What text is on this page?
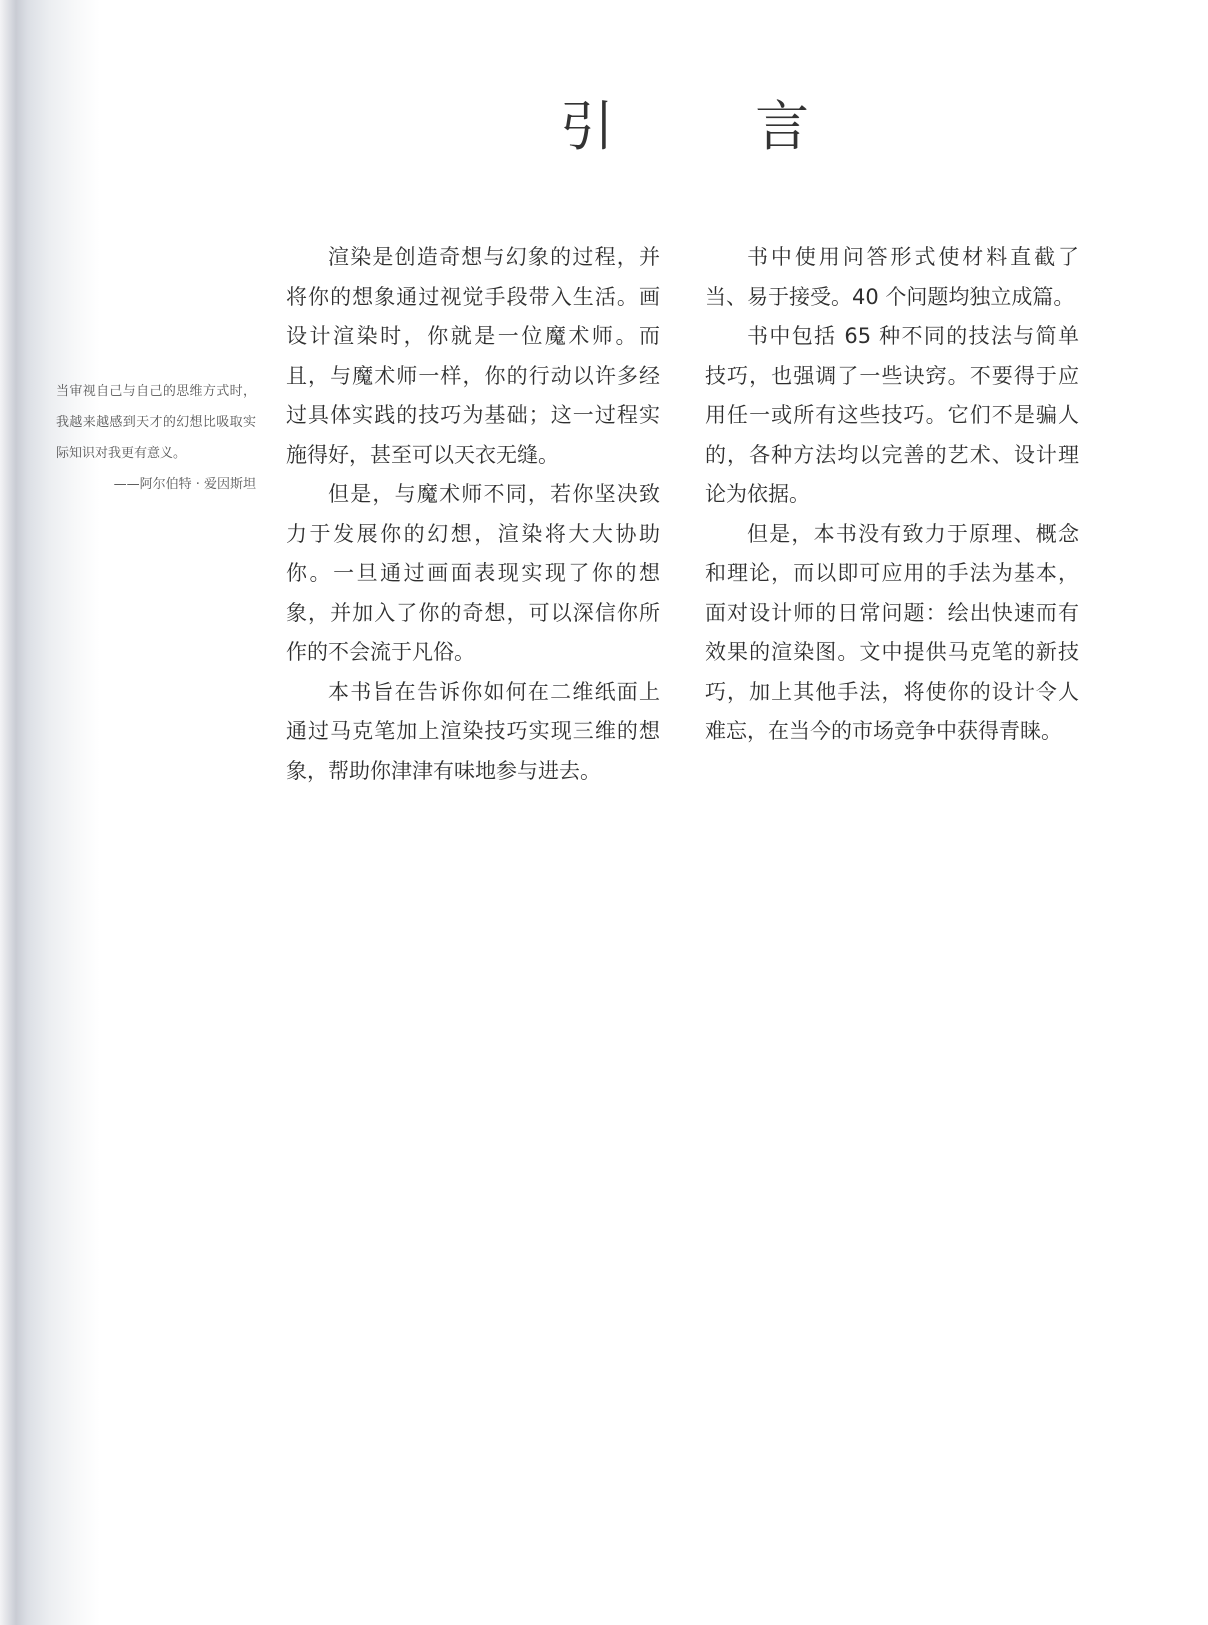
引 言

当审视自己与自己的思维方式时，我越来越感到天才的幻想比吸取实际知识对我更有意义。

——阿尔伯特 · 爱因斯坦

渲染是创造奇想与幻象的过程，并将你的想象通过视觉手段带入生活。画设计渲染时，你就是一位魔术师。而且，与魔术师一样，你的行动以许多经过具体实践的技巧为基础；这一过程实施得好，甚至可以天衣无缝。

但是，与魔术师不同，若你坚决致力于发展你的幻想，渲染将大大协助你。一旦通过画面表现实现了你的想象，并加入了你的奇想，可以深信你所作的不会流于凡俗。

本书旨在告诉你如何在二维纸面上通过马克笔加上渲染技巧实现三维的想象，帮助你津津有味地参与进去。

书中使用问答形式使材料直截了当、易于接受。40 个问题均独立成篇。

书中包括 65 种不同的技法与简单技巧，也强调了一些诀窍。不要得于应用任一或所有这些技巧。它们不是骗人的，各种方法均以完善的艺术、设计理论为依据。

但是，本书没有致力于原理、概念和理论，而以即可应用的手法为基本，面对设计师的日常问题：绘出快速而有效果的渲染图。文中提供马克笔的新技巧，加上其他手法，将使你的设计令人难忘，在当今的市场竞争中获得青睐。
